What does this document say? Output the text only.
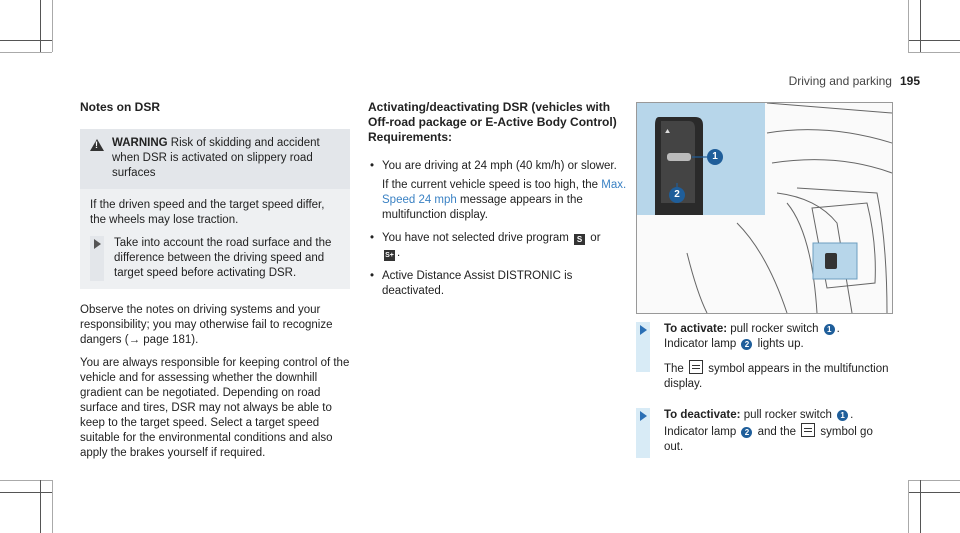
Driving and parking 195
Notes on DSR
!
WARNING Risk of skidding and accident when DSR is activated on slippery road surfaces

If the driven speed and the target speed differ, the wheels may lose traction.

Take into account the road surface and the difference between the driving speed and target speed before activating DSR.

Observe the notes on driving systems and your responsibility; you may otherwise fail to recognize dangers (→ page 181).

You are always responsible for keeping control of the vehicle and for assessing whether the downhill gradient can be negotiated. Depending on road surface and tires, DSR may not always be able to keep to the target speed. Select a target speed suitable for the environmental conditions and also apply the brakes yourself if required.

Activating/deactivating DSR (vehicles with Off-road package or E-Active Body Control)
Requirements:
• You are driving at 24 mph (40 km/h) or slower.

If the current vehicle speed is too high, the Max. Speed 24 mph message appears in the multifunction display.

• You have not selected drive program S or
S+ .
• Active Distance Assist DISTRONIC is deactivated.
⛰
1
2
To activate: pull rocker switch 1 .
Indicator lamp 2 lights up.

The symbol appears in the multifunction display.

To deactivate: pull rocker switch 1 .
Indicator lamp 2 and the symbol go out.
